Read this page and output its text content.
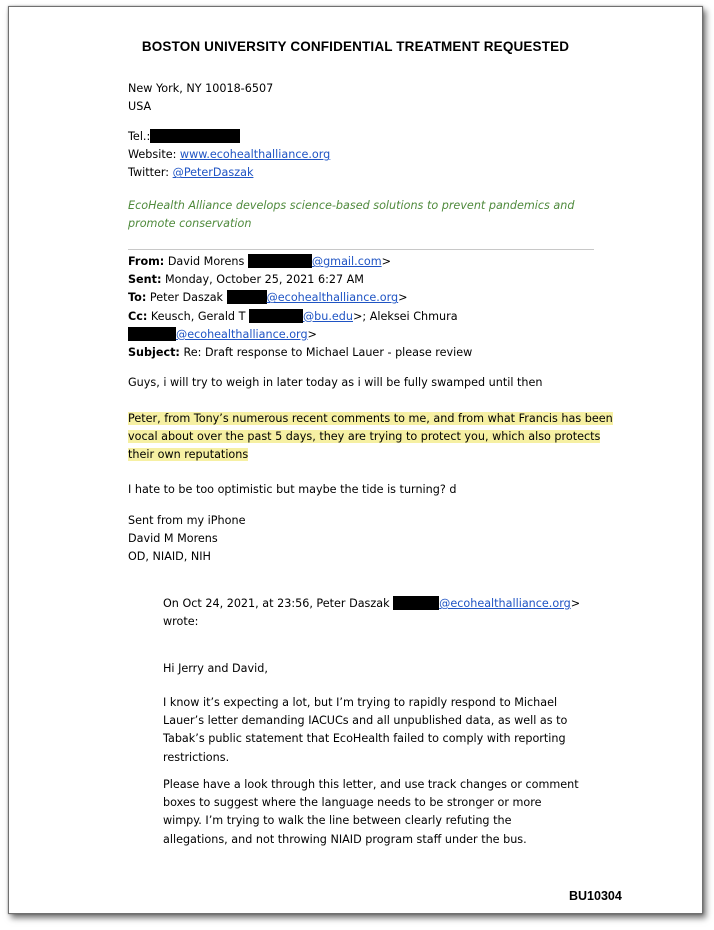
BOSTON UNIVERSITY CONFIDENTIAL TREATMENT REQUESTED
New York, NY 10018-6507
USA
Tel.:
Website: www.ecohealthalliance.org
Twitter: @PeterDaszak
EcoHealth Alliance develops science-based solutions to prevent pandemics and promote conservation
From: David Morens	@gmail.com>
Sent: Monday, October 25, 2021 6:27 AM
To: Peter Daszak	@ecohealthalliance.org>
Cc: Keusch, Gerald T	@bu.edu>; Aleksei Chmura
@ecohealthalliance.org>
Subject: Re: Draft response to Michael Lauer - please review
Guys, i will try to weigh in later today as i will be fully swamped until then
Peter, from Tony’s numerous recent comments to me, and from what Francis has been
vocal about over the past 5 days, they are trying to protect you, which also protects
their own reputations
I hate to be too optimistic but maybe the tide is turning? d
Sent from my iPhone
David M Morens
OD, NIAID, NIH
On Oct 24, 2021, at 23:56, Peter Daszak	@ecohealthalliance.org>
wrote:
Hi Jerry and David,
I know it’s expecting a lot, but I’m trying to rapidly respond to Michael
Lauer’s letter demanding IACUCs and all unpublished data, as well as to
Tabak’s public statement that EcoHealth failed to comply with reporting
restrictions.
Please have a look through this letter, and use track changes or comment
boxes to suggest where the language needs to be stronger or more
wimpy. I’m trying to walk the line between clearly refuting the
allegations, and not throwing NIAID program staff under the bus.
BU10304
